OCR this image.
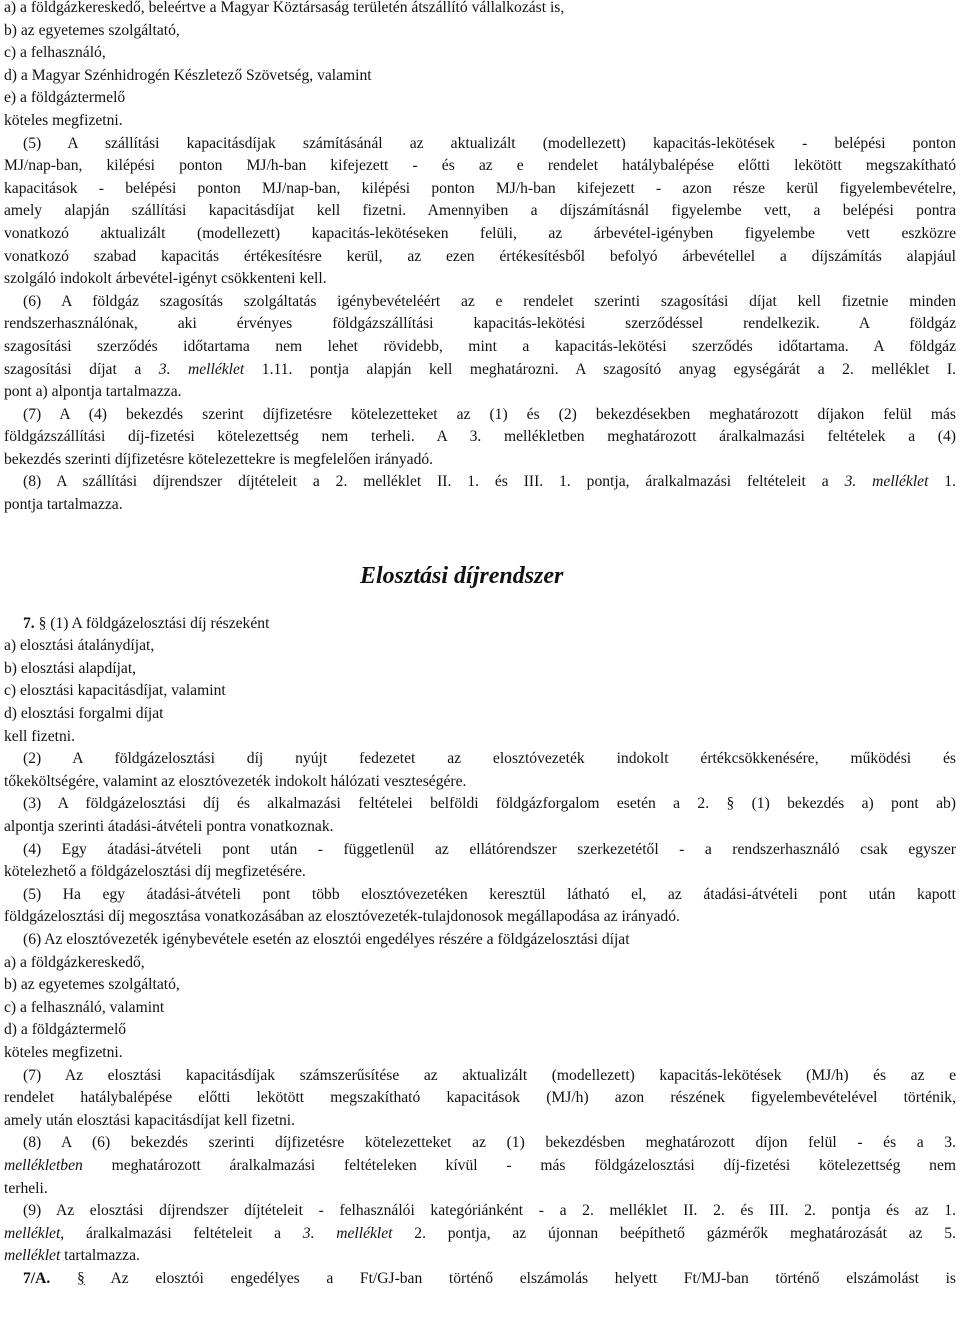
a) a földgázkereskedő, beleértve a Magyar Köztársaság területén átszállító vállalkozást is,
b) az egyetemes szolgáltató,
c) a felhasználó,
d) a Magyar Szénhidrogén Készletező Szövetség, valamint
e) a földgáztermelő
köteles megfizetni.
(5) A szállítási kapacitásdíjak számításánál az aktualizált (modellezett) kapacitás-lekötések - belépési ponton
MJ/nap-ban, kilépési ponton MJ/h-ban kifejezett - és az e rendelet hatálybalépése előtti lekötött megszakítható
kapacitások - belépési ponton MJ/nap-ban, kilépési ponton MJ/h-ban kifejezett - azon része kerül figyelembevételre,
amely alapján szállítási kapacitásdíjat kell fizetni. Amennyiben a díjszámításnál figyelembe vett, a belépési pontra
vonatkozó aktualizált (modellezett) kapacitás-lekötéseken felüli, az árbevétel-igényben figyelembe vett eszközre
vonatkozó szabad kapacitás értékesítésre kerül, az ezen értékesítésből befolyó árbevétellel a díjszámítás alapjául
szolgáló indokolt árbevétel-igényt csökkenteni kell.
(6) A földgáz szagosítás szolgáltatás igénybevételéért az e rendelet szerinti szagosítási díjat kell fizetnie minden
rendszerhasználónak, aki érvényes földgázszállítási kapacitás-lekötési szerződéssel rendelkezik. A földgáz
szagosítási szerződés időtartama nem lehet rövidebb, mint a kapacitás-lekötési szerződés időtartama. A földgáz
szagosítási díjat a 3. melléklet 1.11. pontja alapján kell meghatározni. A szagosító anyag egységárát a 2. melléklet I.
pont a) alpontja tartalmazza.
(7) A (4) bekezdés szerint díjfizetésre kötelezetteket az (1) és (2) bekezdésekben meghatározott díjakon felül más
földgázszállítási díj-fizetési kötelezettség nem terheli. A 3. mellékletben meghatározott áralkalmazási feltételek a (4)
bekezdés szerinti díjfizetésre kötelezettekre is megfelelően irányadó.
(8) A szállítási díjrendszer díjtételeit a 2. melléklet II. 1. és III. 1. pontja, áralkalmazási feltételeit a 3. melléklet 1.
pontja tartalmazza.
Elosztási díjrendszer
7. § (1) A földgázelosztási díj részeként
a) elosztási átalánydíjat,
b) elosztási alapdíjat,
c) elosztási kapacitásdíjat, valamint
d) elosztási forgalmi díjat
kell fizetni.
(2) A földgázelosztási díj nyújt fedezetet az elosztóvezeték indokolt értékcsökkenésére, működési és
tőkeköltségére, valamint az elosztóvezeték indokolt hálózati veszteségére.
(3) A földgázelosztási díj és alkalmazási feltételei belföldi földgázforgalom esetén a 2. § (1) bekezdés a) pont ab)
alpontja szerinti átadási-átvételi pontra vonatkoznak.
(4) Egy átadási-átvételi pont után - függetlenül az ellátórendszer szerkezetétől - a rendszerhasználó csak egyszer
kötelezhető a földgázelosztási díj megfizetésére.
(5) Ha egy átadási-átvételi pont több elosztóvezetéken keresztül látható el, az átadási-átvételi pont után kapott
földgázelosztási díj megosztása vonatkozásában az elosztóvezeték-tulajdonosok megállapodása az irányadó.
(6) Az elosztóvezeték igénybevétele esetén az elosztói engedélyes részére a földgázelosztási díjat
a) a földgázkereskedő,
b) az egyetemes szolgáltató,
c) a felhasználó, valamint
d) a földgáztermelő
köteles megfizetni.
(7) Az elosztási kapacitásdíjak számszerűsítése az aktualizált (modellezett) kapacitás-lekötések (MJ/h) és az e
rendelet hatálybalépése előtti lekötött megszakítható kapacitások (MJ/h) azon részének figyelembevételével történik,
amely után elosztási kapacitásdíjat kell fizetni.
(8) A (6) bekezdés szerinti díjfizetésre kötelezetteket az (1) bekezdésben meghatározott díjon felül - és a 3.
mellékletben meghatározott áralkalmazási feltételeken kívül - más földgázelosztási díj-fizetési kötelezettség nem
terheli.
(9) Az elosztási díjrendszer díjtételeit - felhasználói kategóriánként - a 2. melléklet II. 2. és III. 2. pontja és az 1.
melléklet, áralkalmazási feltételeit a 3. melléklet 2. pontja, az újonnan beépíthető gázmérők meghatározását az 5.
melléklet tartalmazza.
7/A. § Az elosztói engedélyes a Ft/GJ-ban történő elszámolás helyett Ft/MJ-ban történő elszámolást is
